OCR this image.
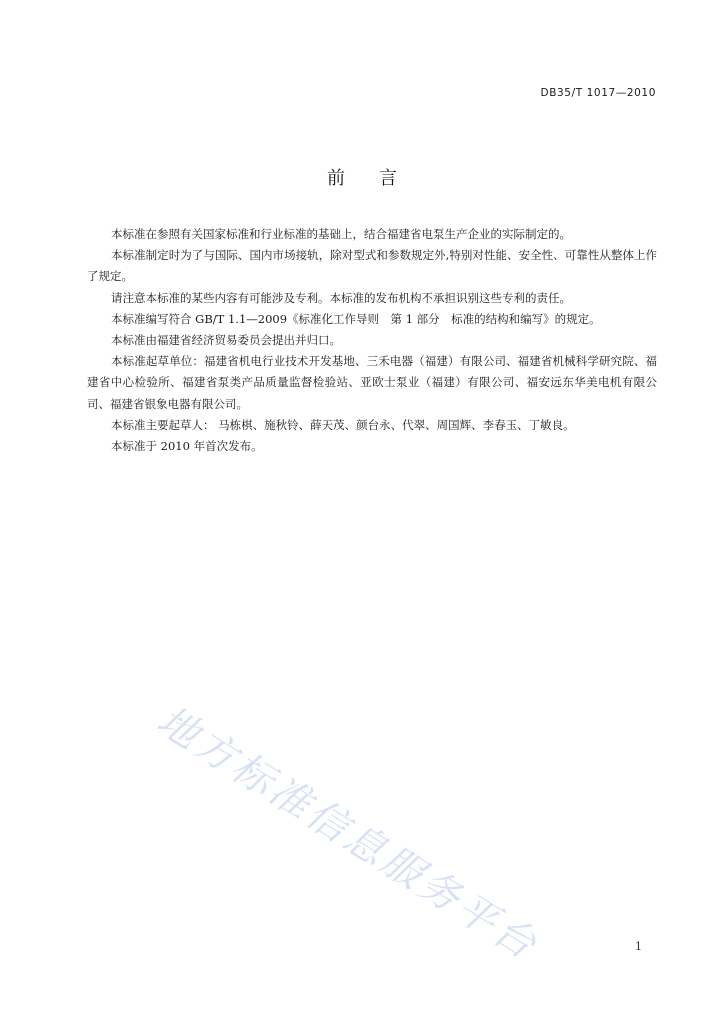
DB35/T 1017—2010
前言

本标准在参照有关国家标准和行业标准的基础上，结合福建省电泵生产企业的实际制定的。

本标准制定时为了与国际、国内市场接轨，除对型式和参数规定外,特别对性能、安全性、可靠性从整体上作了规定。

请注意本标准的某些内容有可能涉及专利。本标准的发布机构不承担识别这些专利的责任。

本标准编写符合 GB/T 1.1—2009《标准化工作导则　第 1 部分　标准的结构和编写》的规定。

本标准由福建省经济贸易委员会提出并归口。

本标准起草单位：福建省机电行业技术开发基地、三禾电器（福建）有限公司、福建省机械科学研究院、福建省中心检验所、福建省泵类产品质量监督检验站、亚欧士泵业（福建）有限公司、福安远东华美电机有限公司、福建省银象电器有限公司。

本标准主要起草人： 马栋棋、施秋铃、薛天茂、颜台永、代翠、周国辉、李春玉、丁敏良。

本标准于 2010 年首次发布。

地方标准信息服务平台	1
